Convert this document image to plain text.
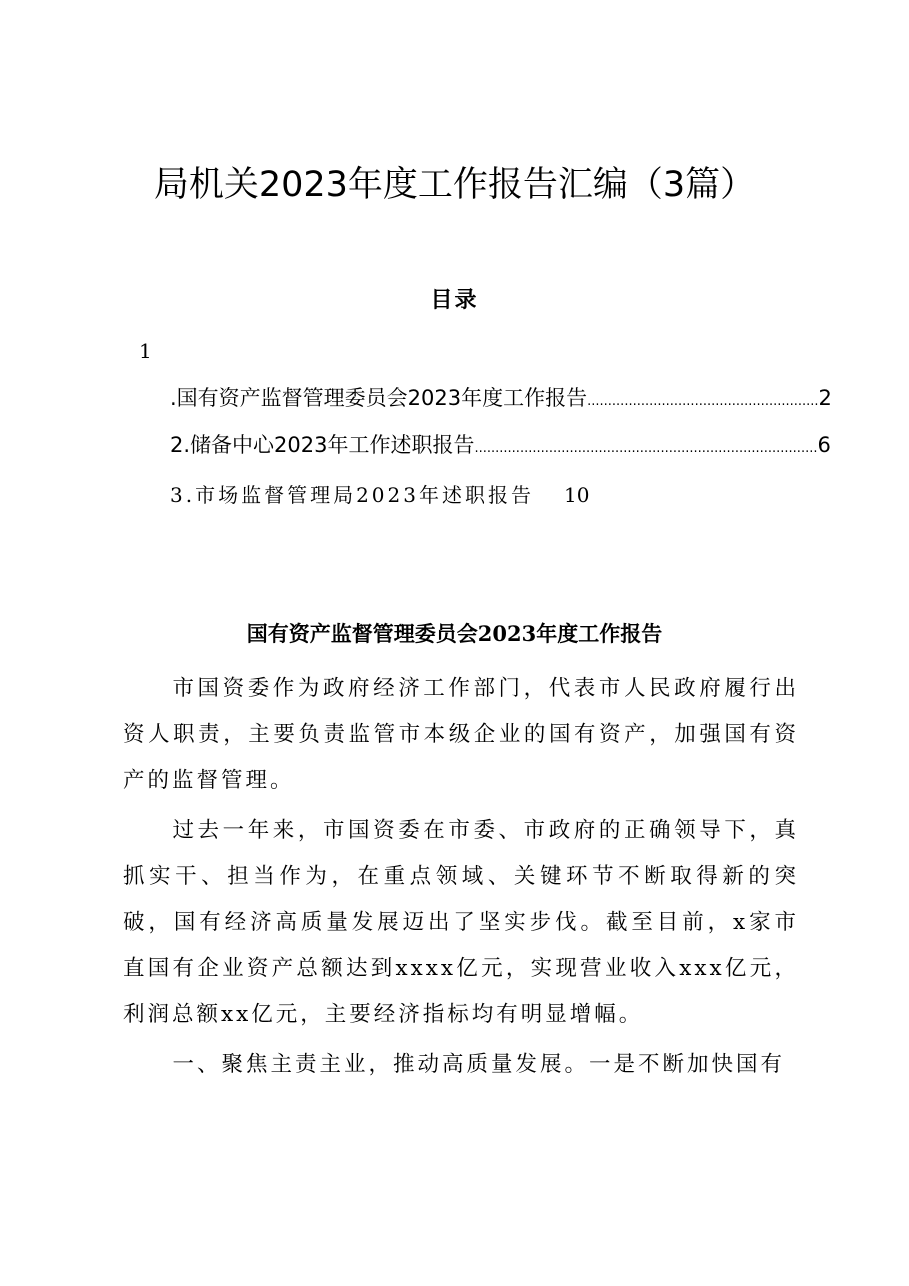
局机关2023年度工作报告汇编（3篇）
目录
1
.国有资产监督管理委员会2023年度工作报告 ........................................................ 2
2.储备中心2023年工作述职报告 ................................................................................... 6
3.市场监督管理局2023年述职报告 10
国有资产监督管理委员会2023年度工作报告

市国资委作为政府经济工作部门，代表市人民政府履行出资人职责，主要负责监管市本级企业的国有资产，加强国有资产的监督管理。

过去一年来，市国资委在市委、市政府的正确领导下，真抓实干、担当作为，在重点领域、关键环节不断取得新的突破，国有经济高质量发展迈出了坚实步伐。截至目前，x家市直国有企业资产总额达到xxxx亿元，实现营业收入xxx亿元，利润总额xx亿元，主要经济指标均有明显增幅。

一、聚焦主责主业，推动高质量发展。一是不断加快国有
